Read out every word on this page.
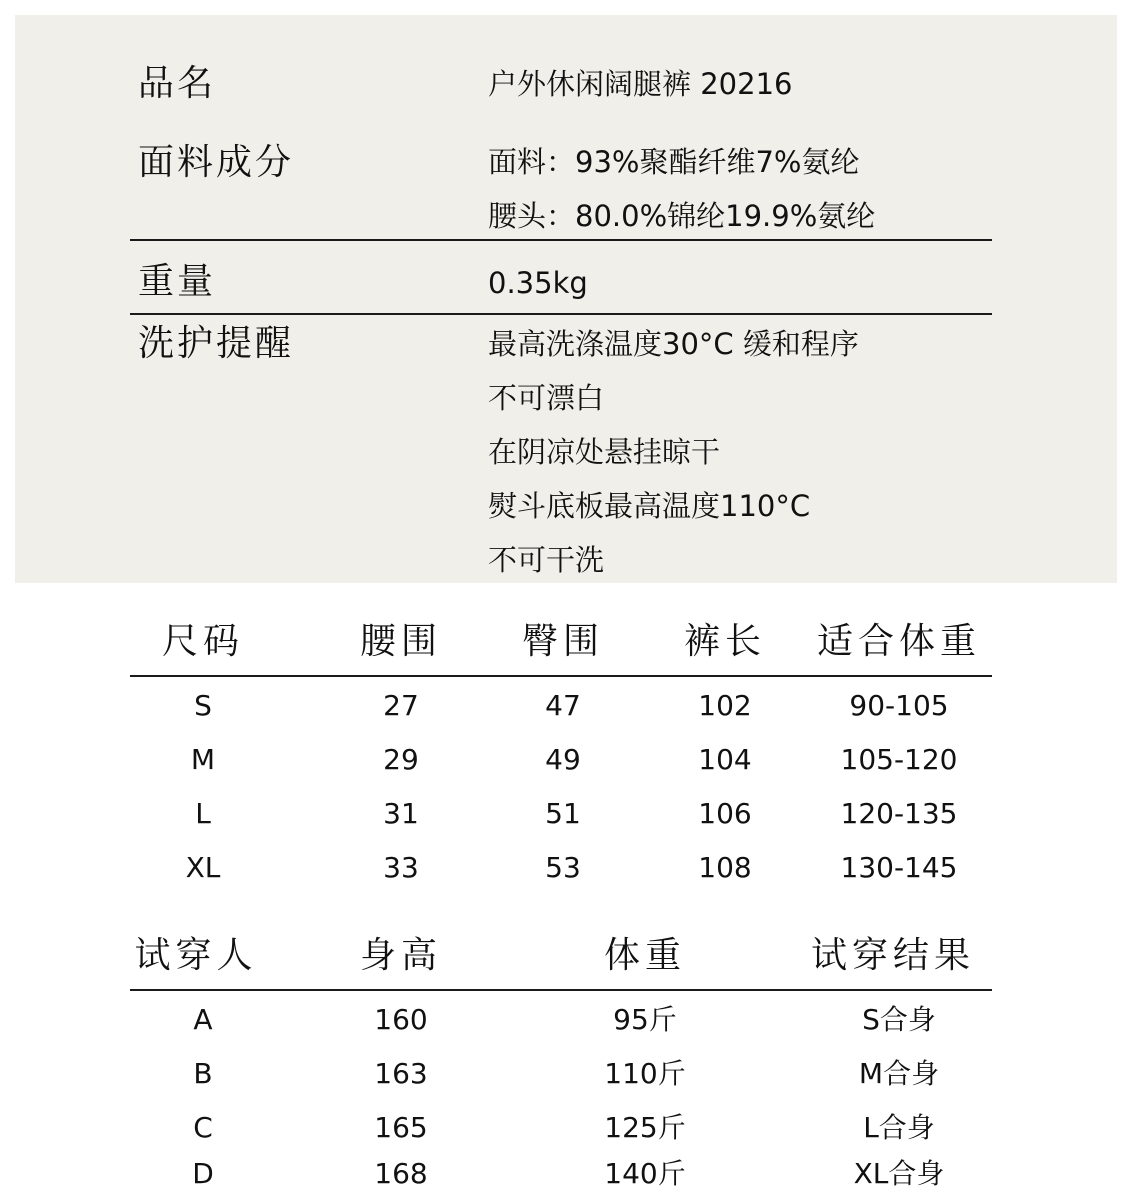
品名	户外休闲阔腿裤 20216
面料成分	面料：93%聚酯纤维7%氨纶
腰头：80.0%锦纶19.9%氨纶
重量	0.35kg
洗护提醒	最高洗涤温度30°C 缓和程序
不可漂白
在阴凉处悬挂晾干
熨斗底板最高温度110°C
不可干洗
尺码	腰围 臀围 裤长 适合体重
S	27	47	102	90-105
M	29	49	104	105-120
L	31	51	106	120-135
XL	33	53	108	130-145
试穿人	身高	体重	试穿结果
A	160	95斤	S合身
B	163	110斤	M合身
C	165	125斤	L合身
D	168	140斤	XL合身
